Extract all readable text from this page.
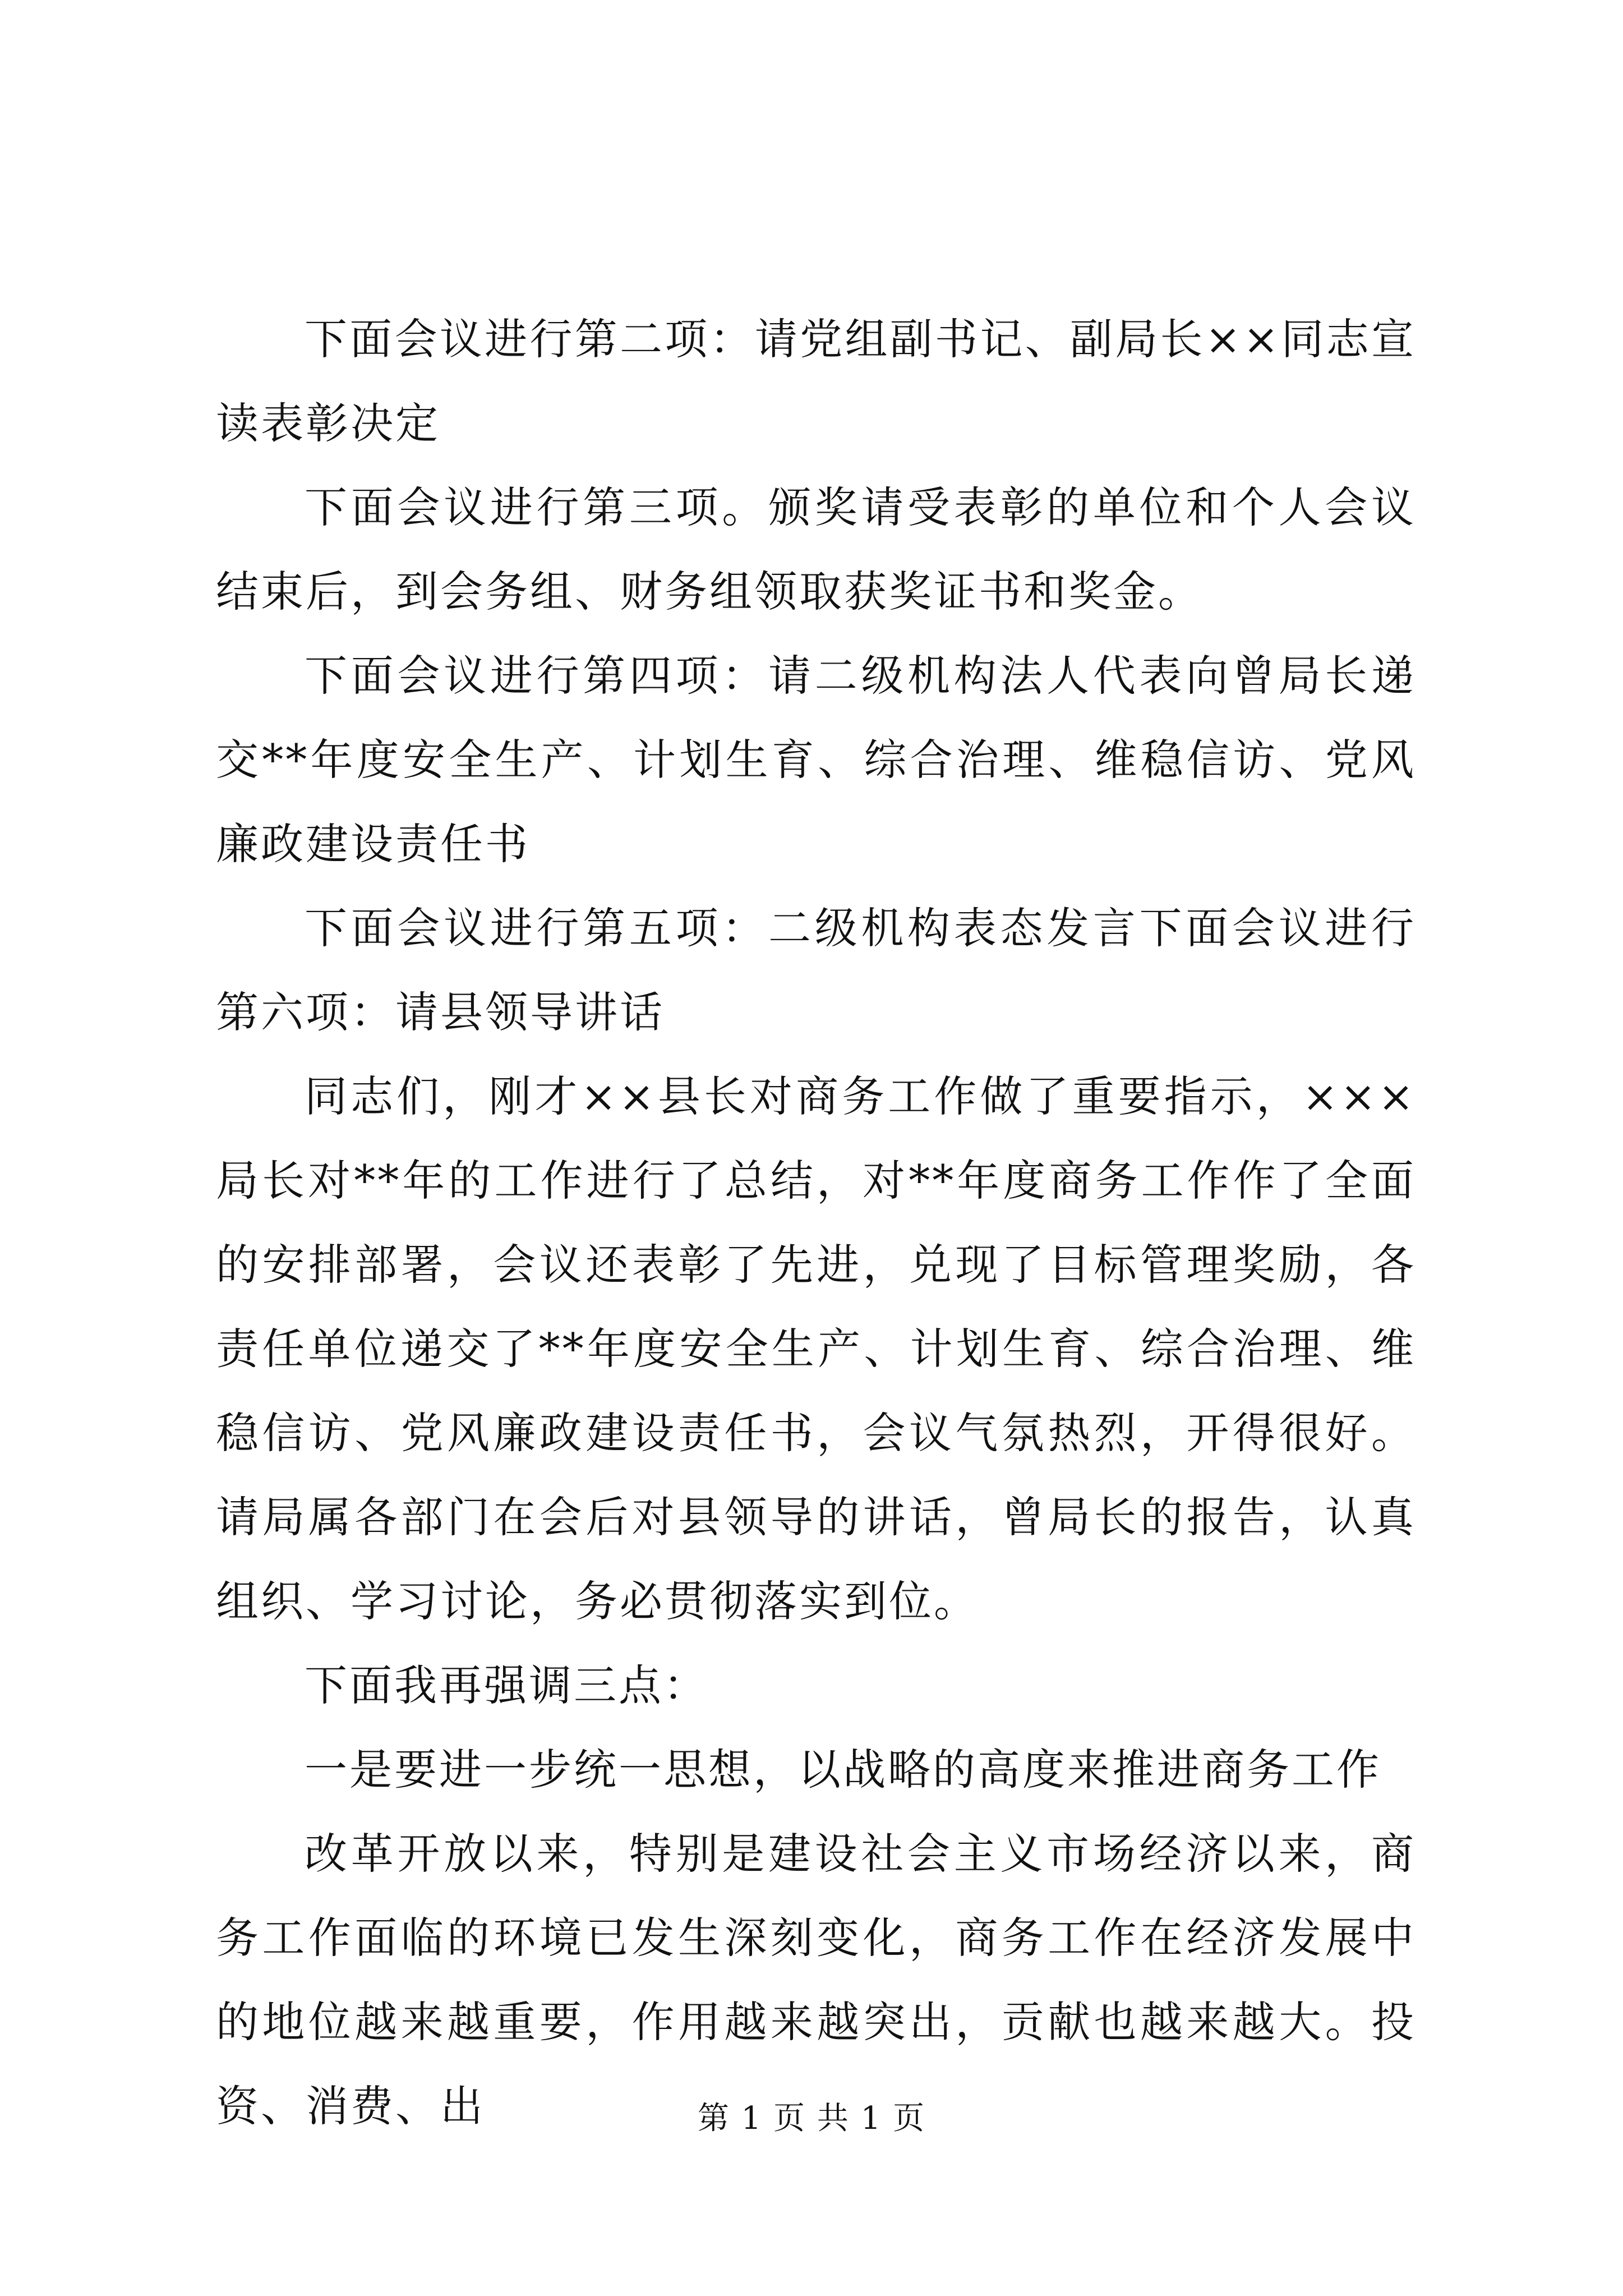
下面会议进行第二项：请党组副书记、副局长××同志宣读表彰决定

下面会议进行第三项。颁奖请受表彰的单位和个人会议结束后，到会务组、财务组领取获奖证书和奖金。

下面会议进行第四项：请二级机构法人代表向曾局长递交**年度安全生产、计划生育、综合治理、维稳信访、党风廉政建设责任书

下面会议进行第五项：二级机构表态发言下面会议进行第六项：请县领导讲话

同志们，刚才××县长对商务工作做了重要指示，×××局长对**年的工作进行了总结，对**年度商务工作作了全面的安排部署，会议还表彰了先进，兑现了目标管理奖励，各责任单位递交了**年度安全生产、计划生育、综合治理、维稳信访、党风廉政建设责任书，会议气氛热烈，开得很好。请局属各部门在会后对县领导的讲话，曾局长的报告，认真组织、学习讨论，务必贯彻落实到位。

下面我再强调三点：

一是要进一步统一思想，以战略的高度来推进商务工作

改革开放以来，特别是建设社会主义市场经济以来，商务工作面临的环境已发生深刻变化，商务工作在经济发展中的地位越来越重要，作用越来越突出，贡献也越来越大。投资、消费、出	第 1 页 共 1 页
